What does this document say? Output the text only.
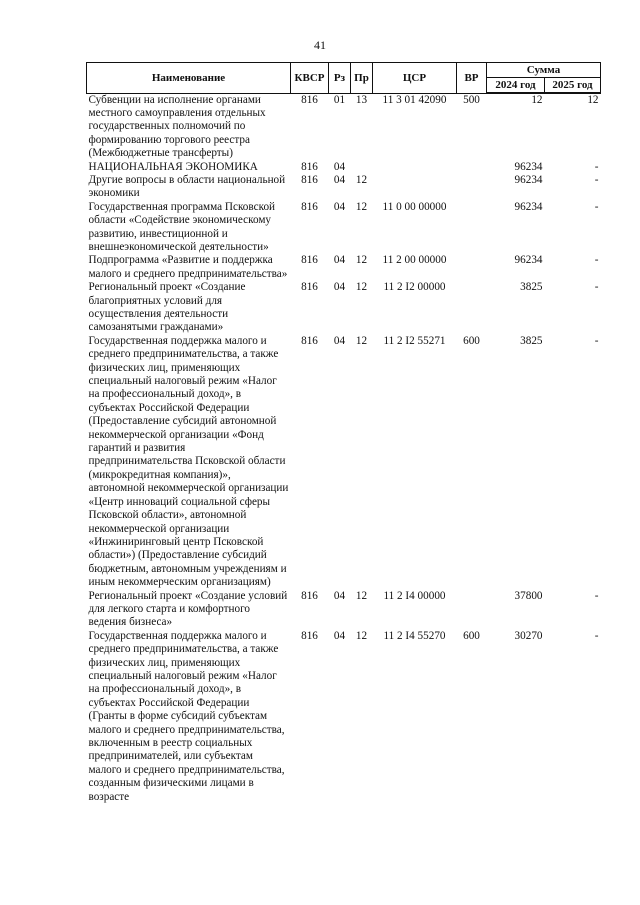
41
Наименование	КВСР	Рз	Пр	ЦСР	ВР	Сумма	
						2024 год	2025 год
Субвенции на исполнение органами местного самоуправления отдельных государственных полномочий по формированию торгового реестра (Межбюджетные трансферты)	816	01	13	11 3 01 42090	500	12	12
НАЦИОНАЛЬНАЯ ЭКОНОМИКА	816	04				96234	-
Другие вопросы в области национальной экономики	816	04	12			96234	-
Государственная программа Псковской области «Содействие экономическому развитию, инвестиционной и внешнеэкономической деятельности»	816	04	12	11 0 00 00000		96234	-
Подпрограмма «Развитие и поддержка малого и среднего предпринимательства»	816	04	12	11 2 00 00000		96234	-
Региональный проект «Создание благоприятных условий для осуществления деятельности самозанятыми гражданами»	816	04	12	11 2 I2 00000		3825	-
Государственная поддержка малого и среднего предпринимательства, а также физических лиц, применяющих специальный налоговый режим «Налог на профессиональный доход», в субъектах Российской Федерации (Предоставление субсидий автономной некоммерческой организации «Фонд гарантий и развития предпринимательства Псковской области (микрокредитная компания)», автономной некоммерческой организации «Центр инноваций социальной сферы Псковской области», автономной некоммерческой организации «Инжиниринговый центр Псковской области») (Предоставление субсидий бюджетным, автономным учреждениям и иным некоммерческим организациям)	816	04	12	11 2 I2 55271	600	3825	-
Региональный проект «Создание условий для легкого старта и комфортного ведения бизнеса»	816	04	12	11 2 I4 00000		37800	-
Государственная поддержка малого и среднего предпринимательства, а также физических лиц, применяющих специальный налоговый режим «Налог на профессиональный доход», в субъектах Российской Федерации (Гранты в форме субсидий субъектам малого и среднего предпринимательства, включенным в реестр социальных предпринимателей, или субъектам малого и среднего предпринимательства, созданным физическими лицами в возрасте	816	04	12	11 2 I4 55270	600	30270	-
